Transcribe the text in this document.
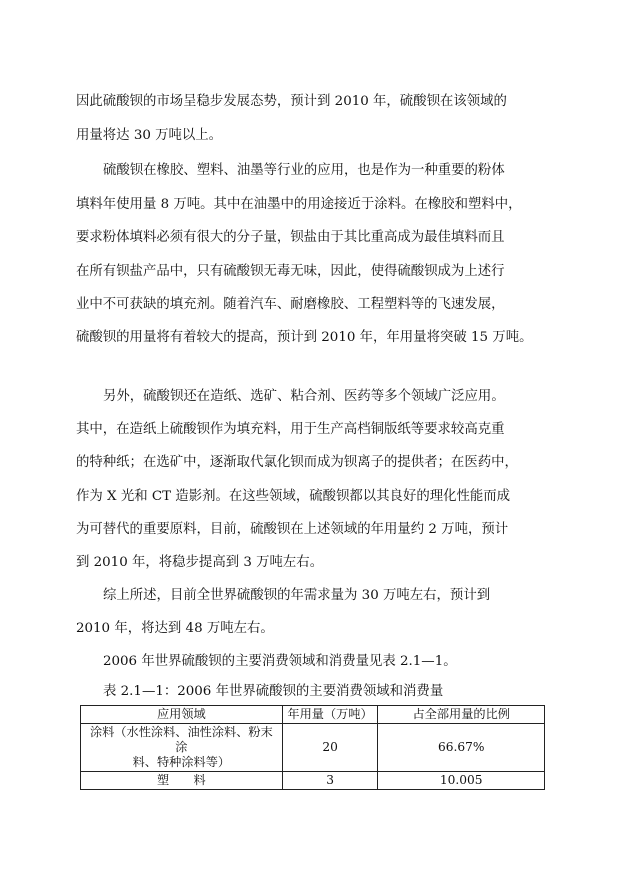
因此硫酸钡的市场呈稳步发展态势，预计到 2010 年，硫酸钡在该领域的
用量将达 30 万吨以上。
硫酸钡在橡胶、塑料、油墨等行业的应用，也是作为一种重要的粉体
填料年使用量 8 万吨。其中在油墨中的用途接近于涂料。在橡胶和塑料中，
要求粉体填料必须有很大的分子量，钡盐由于其比重高成为最佳填料而且
在所有钡盐产品中，只有硫酸钡无毒无味，因此，使得硫酸钡成为上述行
业中不可获缺的填充剂。随着汽车、耐磨橡胶、工程塑料等的飞速发展，
硫酸钡的用量将有着较大的提高，预计到 2010 年，年用量将突破 15 万吨。
另外，硫酸钡还在造纸、选矿、粘合剂、医药等多个领域广泛应用。
其中，在造纸上硫酸钡作为填充料，用于生产高档铜版纸等要求较高克重
的特种纸；在选矿中，逐渐取代氯化钡而成为钡离子的提供者；在医药中，
作为 X 光和 CT 造影剂。在这些领域，硫酸钡都以其良好的理化性能而成
为可替代的重要原料，目前，硫酸钡在上述领域的年用量约 2 万吨，预计
到 2010 年，将稳步提高到 3 万吨左右。
综上所述，目前全世界硫酸钡的年需求量为 30 万吨左右，预计到
2010 年，将达到 48 万吨左右。
2006 年世界硫酸钡的主要消费领域和消费量见表 2.1—1。
表 2.1—1：2006 年世界硫酸钡的主要消费领域和消费量
应用领域	年用量（万吨）	占全部用量的比例

涂料（水性涂料、油性涂料、粉末涂
料、特种涂料等）	20	66.67%
塑　　料	3	10.005
